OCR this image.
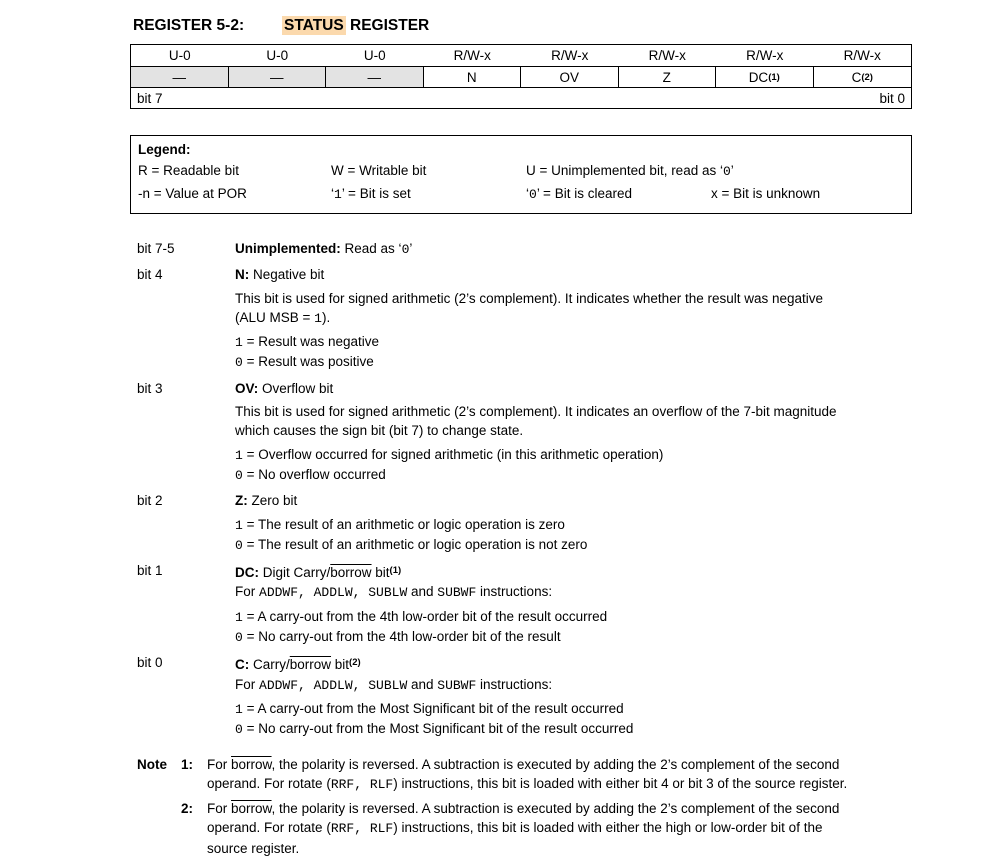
REGISTER 5-2:	STATUS REGISTER
U-0	U-0	U-0	R/W-x	R/W-x	R/W-x	R/W-x	R/W-x
—	—	—	N	OV	Z	DC (1)	C (2)
bit 7	bit 0
Legend:
R = Readable bit	W = Writable bit	U = Unimplemented bit, read as ‘0’
-n = Value at POR	‘1’ = Bit is set	‘0’ = Bit is cleared	x = Bit is unknown
bit 7-5	Unimplemented: Read as ‘0’
bit 4	N: Negative bit
This bit is used for signed arithmetic (2’s complement). It indicates whether the result was negative
(ALU MSB = 1).
1 = Result was negative
0 = Result was positive
bit 3	OV: Overflow bit
This bit is used for signed arithmetic (2’s complement). It indicates an overflow of the 7-bit magnitude
which causes the sign bit (bit 7) to change state.
1 = Overflow occurred for signed arithmetic (in this arithmetic operation)
0 = No overflow occurred
bit 2	Z: Zero bit
1 = The result of an arithmetic or logic operation is zero
0 = The result of an arithmetic or logic operation is not zero
bit 1	DC: Digit Carry/borrow bit$^{(1)}$
For ADDWF, ADDLW, SUBLW and SUBWF instructions:
1 = A carry-out from the 4th low-order bit of the result occurred
0 = No carry-out from the 4th low-order bit of the result
bit 0	C: Carry/borrow bit$^{(2)}$
For ADDWF, ADDLW, SUBLW and SUBWF instructions:
1 = A carry-out from the Most Significant bit of the result occurred
0 = No carry-out from the Most Significant bit of the result occurred
Note	1:	For borrow, the polarity is reversed. A subtraction is executed by adding the 2’s complement of the second
operand. For rotate (RRF, RLF) instructions, this bit is loaded with either bit 4 or bit 3 of the source register.
2:	For borrow, the polarity is reversed. A subtraction is executed by adding the 2’s complement of the second
operand. For rotate (RRF, RLF) instructions, this bit is loaded with either the high or low-order bit of the
source register.
